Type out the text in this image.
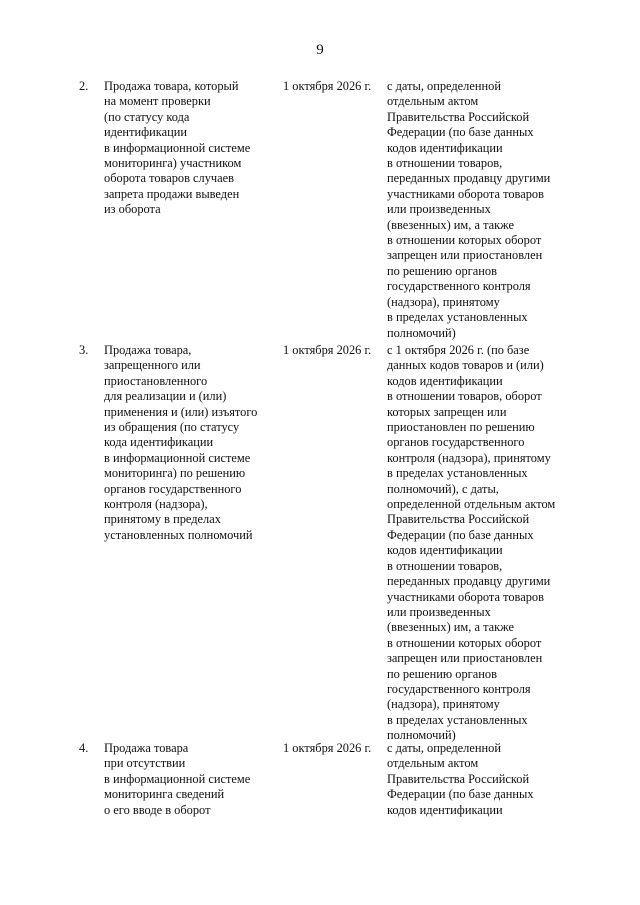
9
2.	Продажа товара, который
на момент проверки
(по статусу кода
идентификации
в информационной системе
мониторинга) участником
оборота товаров случаев
запрета продажи выведен
из оборота
1 октября 2026 г.	с даты, определенной
отдельным актом
Правительства Российской
Федерации (по базе данных
кодов идентификации
в отношении товаров,
переданных продавцу другими
участниками оборота товаров
или произведенных
(ввезенных) им, а также
в отношении которых оборот
запрещен или приостановлен
по решению органов
государственного контроля
(надзора), принятому
в пределах установленных
полномочий)
3.	Продажа товара,
запрещенного или
приостановленного
для реализации и (или)
применения и (или) изъятого
из обращения (по статусу
кода идентификации
в информационной системе
мониторинга) по решению
органов государственного
контроля (надзора),
принятому в пределах
установленных полномочий
1 октября 2026 г.	с 1 октября 2026 г. (по базе
данных кодов товаров и (или)
кодов идентификации
в отношении товаров, оборот
которых запрещен или
приостановлен по решению
органов государственного
контроля (надзора), принятому
в пределах установленных
полномочий), с даты,
определенной отдельным актом
Правительства Российской
Федерации (по базе данных
кодов идентификации
в отношении товаров,
переданных продавцу другими
участниками оборота товаров
или произведенных
(ввезенных) им, а также
в отношении которых оборот
запрещен или приостановлен
по решению органов
государственного контроля
(надзора), принятому
в пределах установленных
полномочий)
4.	Продажа товара
при отсутствии
в информационной системе
мониторинга сведений
о его вводе в оборот
1 октября 2026 г.	с даты, определенной
отдельным актом
Правительства Российской
Федерации (по базе данных
кодов идентификации
